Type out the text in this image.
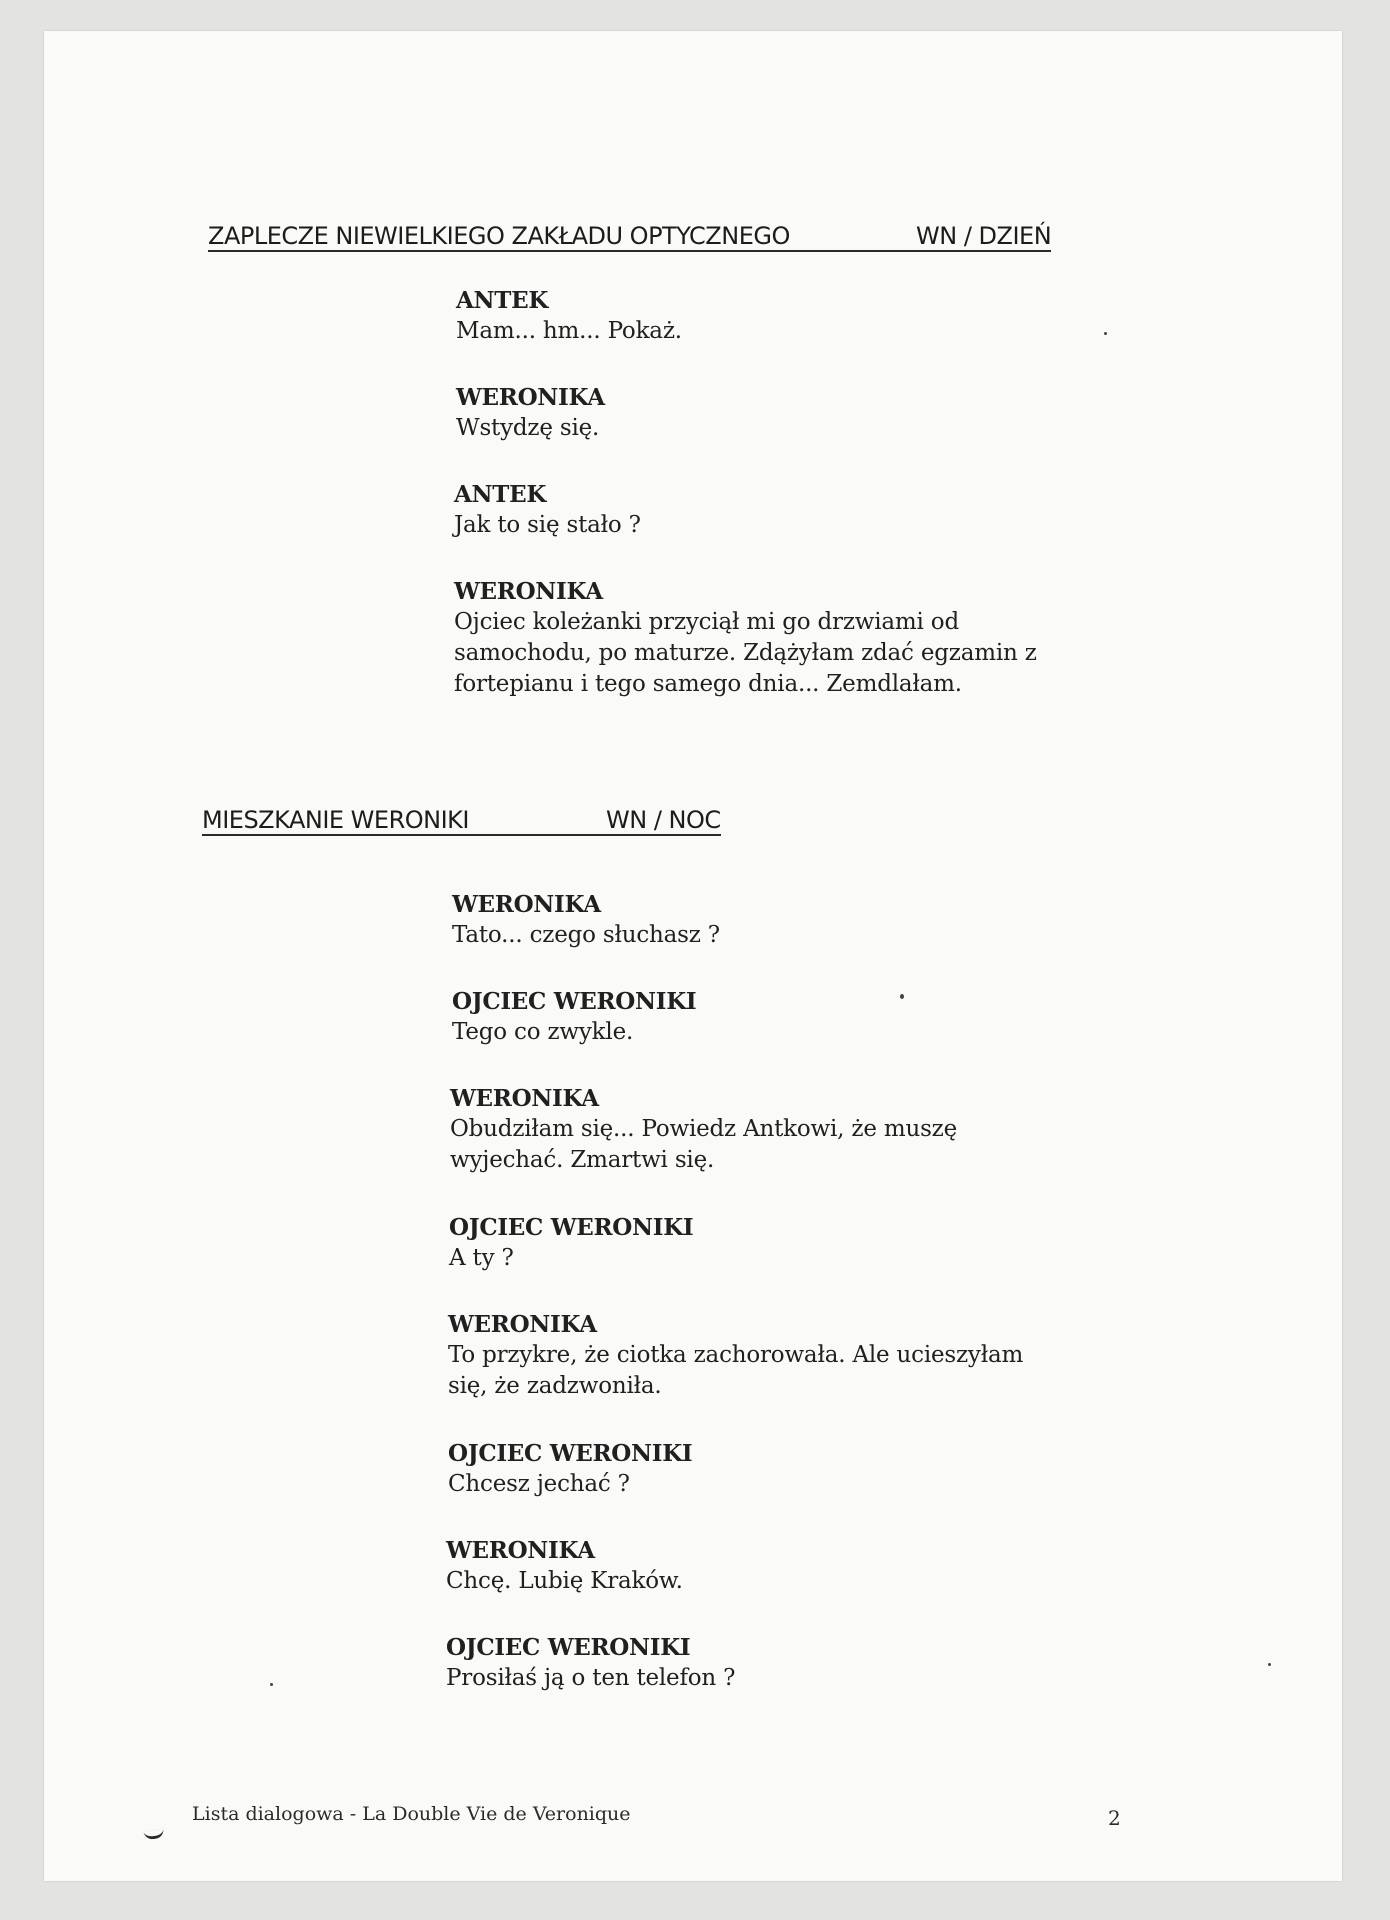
ZAPLECZE NIEWIELKIEGO ZAKŁADU OPTYCZNEGO	WN / DZIEŃ
ANTEK
Mam... hm... Pokaż.
WERONIKA
Wstydzę się.
ANTEK
Jak to się stało ?
WERONIKA
Ojciec koleżanki przyciął mi go drzwiami od
samochodu, po maturze. Zdążyłam zdać egzamin z
fortepianu i tego samego dnia... Zemdlałam.
MIESZKANIE WERONIKI	WN / NOC
WERONIKA
Tato... czego słuchasz ?
OJCIEC WERONIKI
Tego co zwykle.
WERONIKA
Obudziłam się... Powiedz Antkowi, że muszę
wyjechać. Zmartwi się.
OJCIEC WERONIKI
A ty ?
WERONIKA
To przykre, że ciotka zachorowała. Ale ucieszyłam
się, że zadzwoniła.
OJCIEC WERONIKI
Chcesz jechać ?
WERONIKA
Chcę. Lubię Kraków.
OJCIEC WERONIKI
Prosiłaś ją o ten telefon ?
Lista dialogowa - La Double Vie de Veronique	2
